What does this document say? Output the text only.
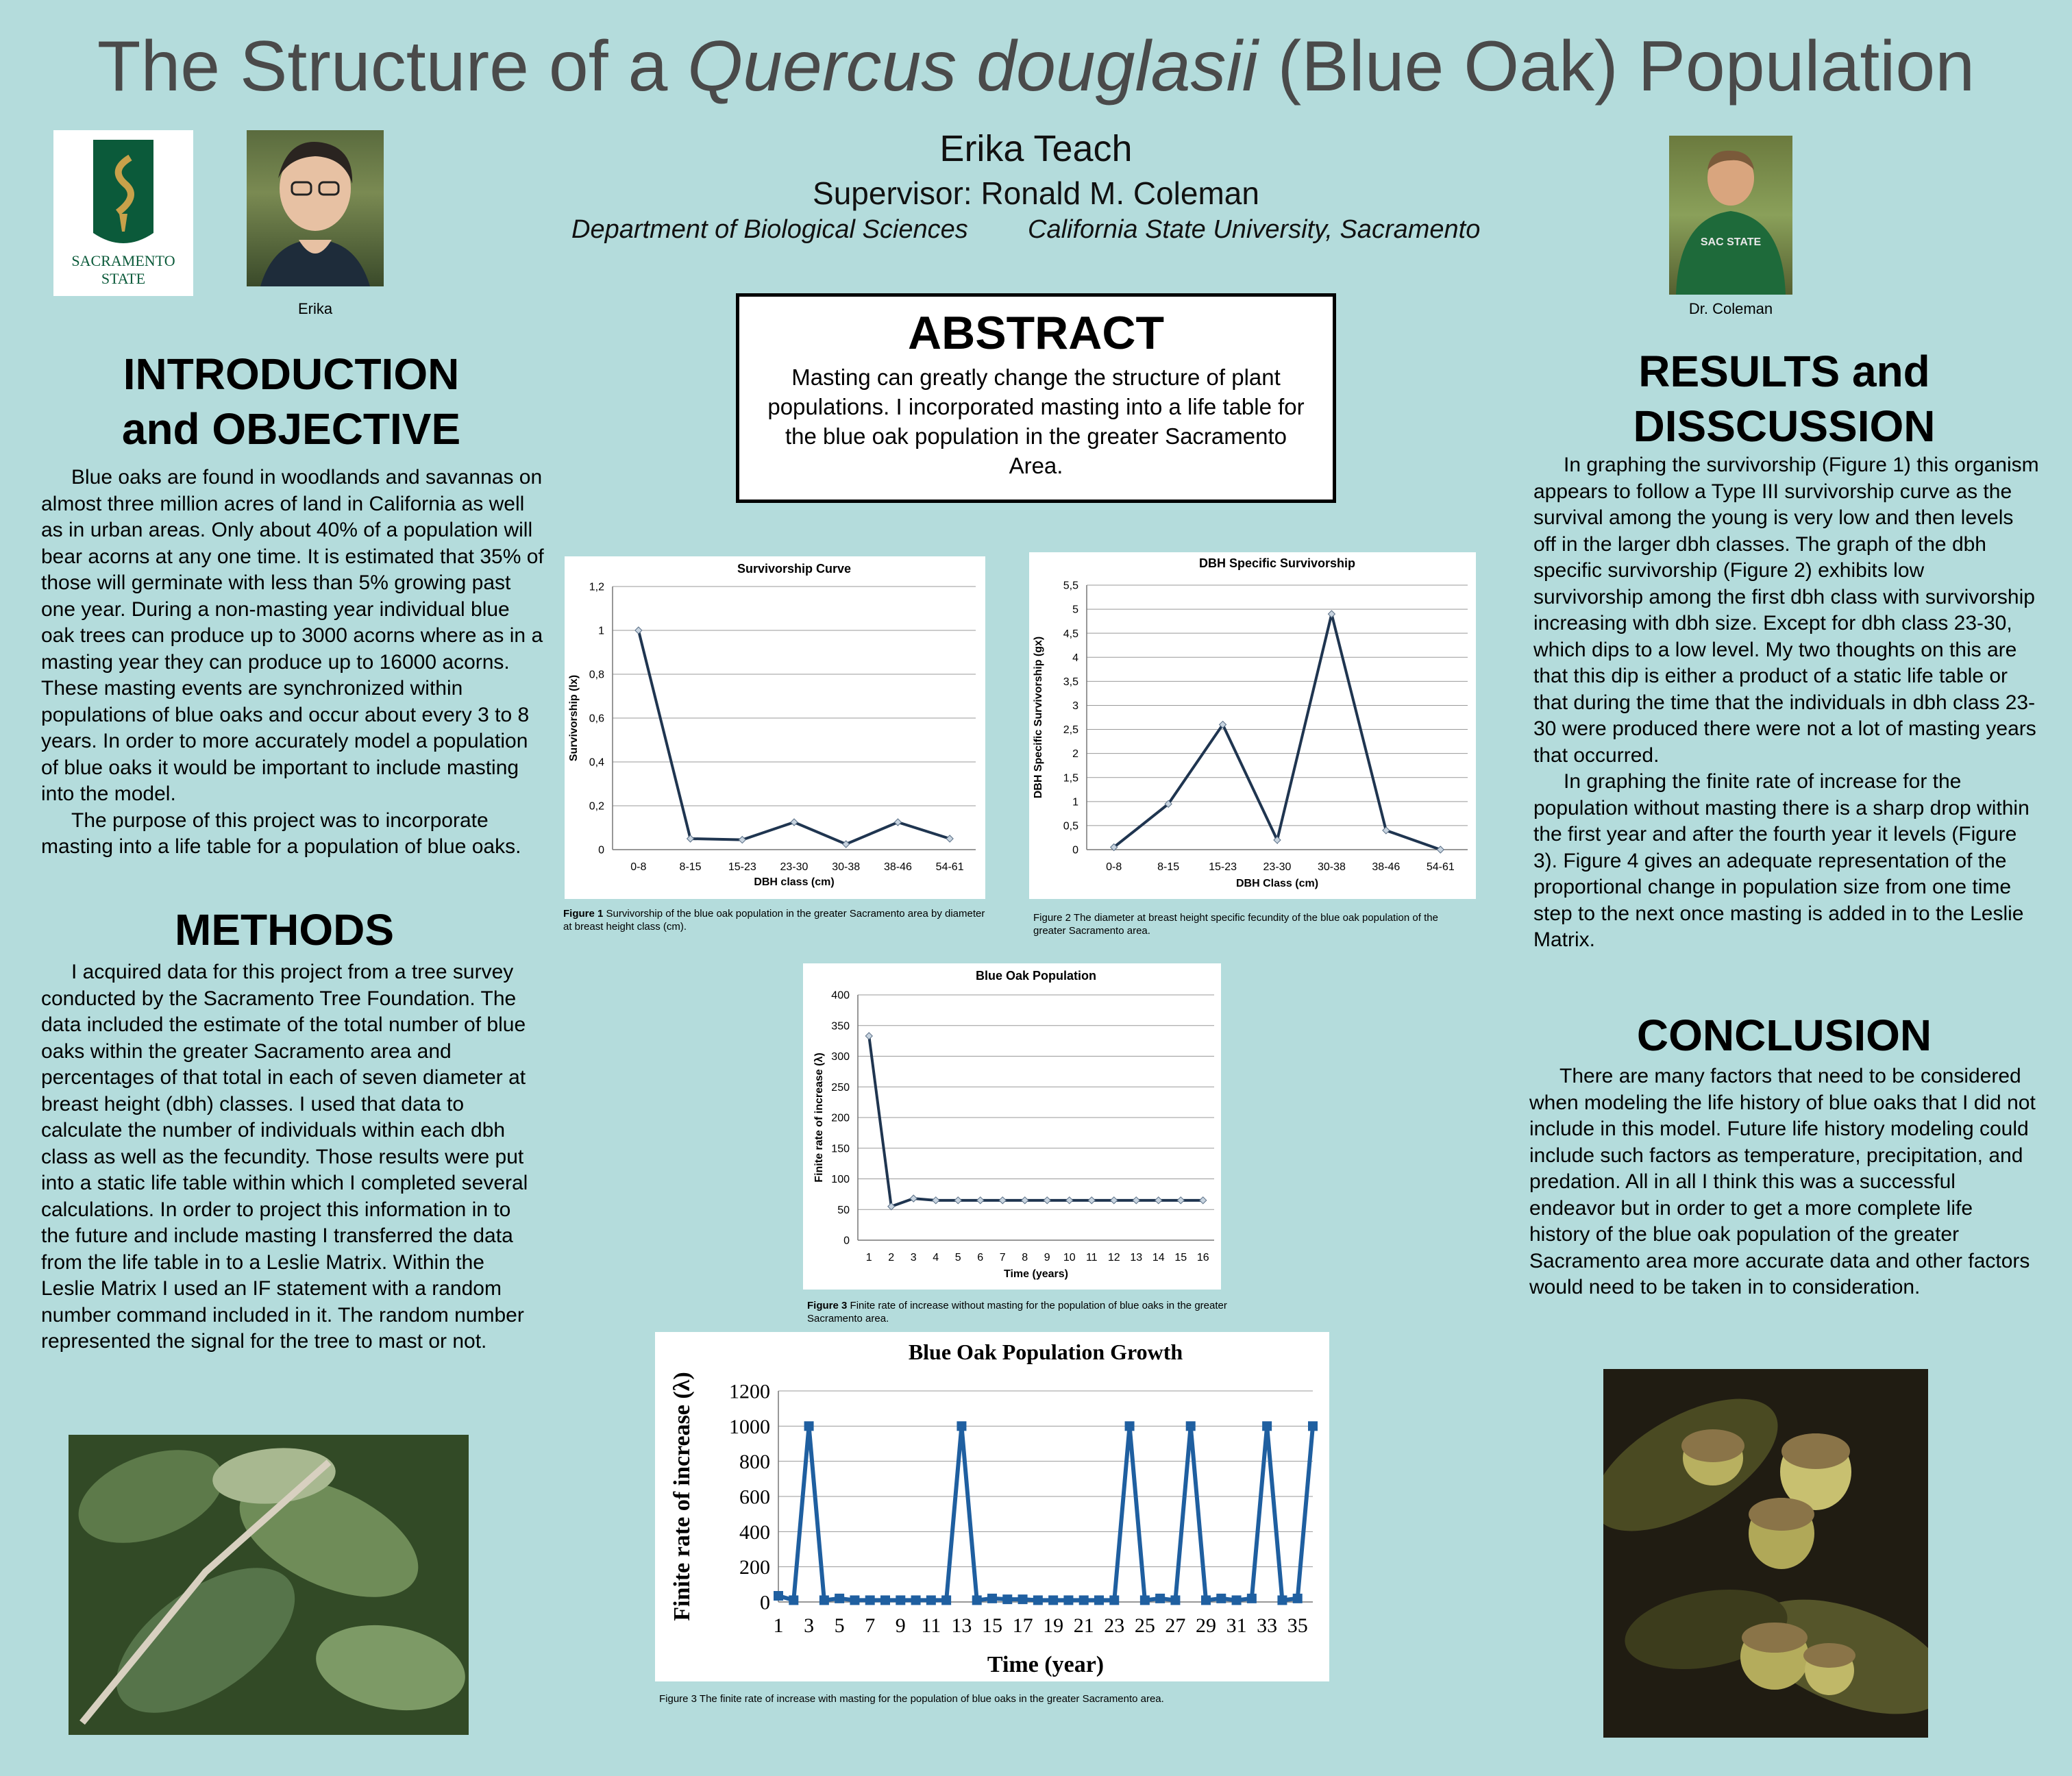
The Structure of a Quercus douglasii (Blue Oak) Population
Erika Teach
Supervisor: Ronald M. Coleman
Department of Biological Sciences California State University, Sacramento
SACRAMENTO
STATE
Erika
SAC STATE
Dr. Coleman
ABSTRACT
Masting can greatly change the structure of plant populations. I incorporated masting into a life table for the blue oak population in the greater Sacramento Area.
INTRODUCTION
and OBJECTIVE

Blue oaks are found in woodlands and savannas on almost three million acres of land in California as well as in urban areas. Only about 40% of a population will bear acorns at any one time. It is estimated that 35% of those will germinate with less than 5% growing past one year. During a non-masting year individual blue oak trees can produce up to 3000 acorns where as in a masting year they can produce up to 16000 acorns. These masting events are synchronized within populations of blue oaks and occur about every 3 to 8 years. In order to more accurately model a population of blue oaks it would be important to include masting into the model.

The purpose of this project was to incorporate masting into a life table for a population of blue oaks.

METHODS

I acquired data for this project from a tree survey conducted by the Sacramento Tree Foundation. The data included the estimate of the total number of blue oaks within the greater Sacramento area and percentages of that total in each of seven diameter at breast height (dbh) classes. I used that data to calculate the number of individuals within each dbh class as well as the fecundity. Those results were put into a static life table within which I completed several calculations. In order to project this information in to the future and include masting I transferred the data from the life table in to a Leslie Matrix. Within the Leslie Matrix I used an IF statement with a random number command included in it. The random number represented the signal for the tree to mast or not.

RESULTS and
DISSCUSSION

In graphing the survivorship (Figure 1) this organism appears to follow a Type III survivorship curve as the survival among the young is very low and then levels off in the larger dbh classes. The graph of the dbh specific survivorship (Figure 2) exhibits low survivorship among the first dbh class with survivorship increasing with dbh size. Except for dbh class 23-30, which dips to a low level. My two thoughts on this are that this dip is either a product of a static life table or that during the time that the individuals in dbh class 23-30 were produced there were not a lot of masting years that occurred.

In graphing the finite rate of increase for the population without masting there is a sharp drop within the first year and after the fourth year it levels (Figure 3). Figure 4 gives an adequate representation of the proportional change in population size from one time step to the next once masting is added in to the Leslie Matrix.

CONCLUSION

There are many factors that need to be considered when modeling the life history of blue oaks that I did not include in this model. Future life history modeling could include such factors as temperature, precipitation, and predation. All in all I think this was a successful endeavor but in order to get a more complete life history of the blue oak population of the greater Sacramento area more accurate data and other factors would need to be taken in to consideration.

Survivorship Curve
0
0,2
0,4
0,6
0,8
1
1,2
0-8	8-15 15-23 23-30 30-38 38-46 54-61
DBH class (cm)
Survivorship (lx)
Figure 1 Survivorship of the blue oak population in the greater Sacramento area by diameter at breast height class (cm).
DBH Specific Survivorship
0
0,5
1
1,5
2
2,5
3
3,5
4
4,5
5
5,5
0-8	8-15	15-23 23-30 30-38 38-46 54-61
DBH Class (cm)
DBH Specific Survivorship (gx)
Figure 2 The diameter at breast height specific fecundity of the blue oak population of the greater Sacramento area.
Blue Oak Population
0
50
100
150
200
250
300
350
400
1 2 3 4 5 6 7 8 9 10 11 12 13 14 15 16
Time (years)
Finite rate of increase (λ)
Figure 3 Finite rate of increase without masting for the population of blue oaks in the greater Sacramento area.
Blue Oak Population Growth
0
200
400
600
800
1000
1200
1 3 5 7 9 11 13 15 17 19 21 23 25 27 29 31 33 35
Time (year)
Finite rate of increase (λ)
Figure 3 The finite rate of increase with masting for the population of blue oaks in the greater Sacramento area.
